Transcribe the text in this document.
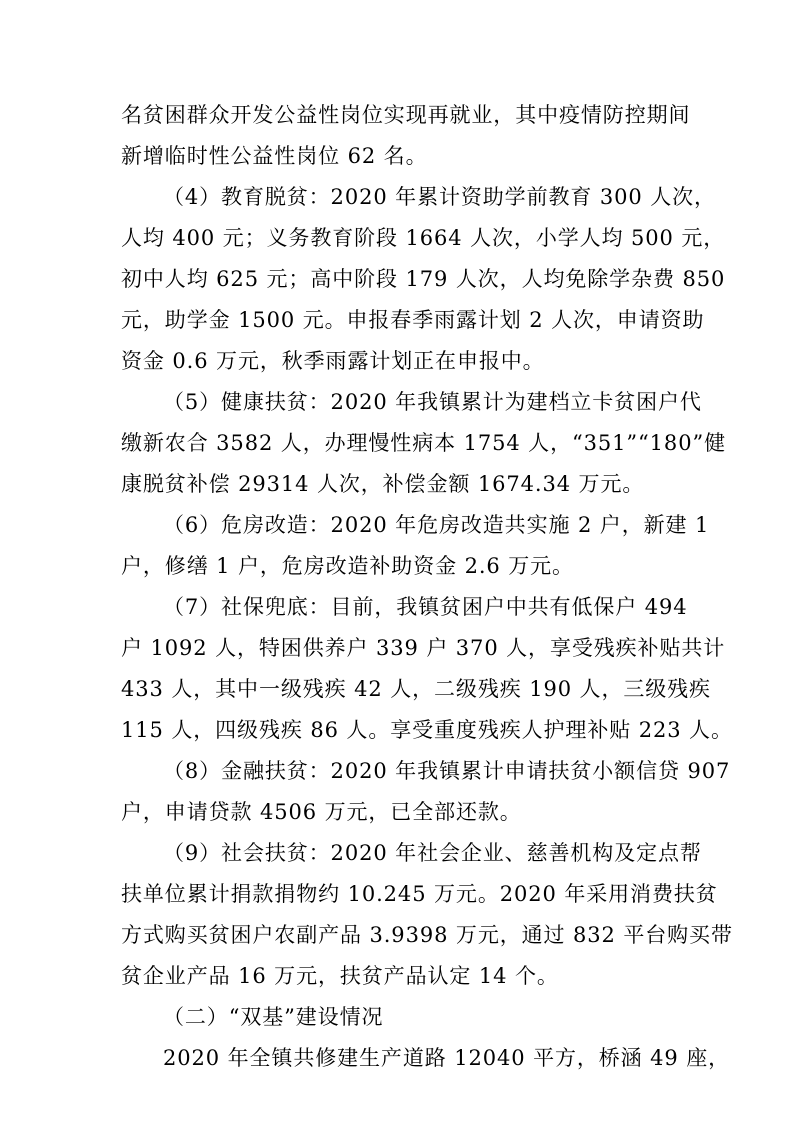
名贫困群众开发公益性岗位实现再就业，其中疫情防控期间
新增临时性公益性岗位 62 名。
（4）教育脱贫：2020 年累计资助学前教育 300 人次，
人均 400 元；义务教育阶段 1664 人次，小学人均 500 元，
初中人均 625 元；高中阶段 179 人次，人均免除学杂费 850
元，助学金 1500 元。申报春季雨露计划 2 人次，申请资助
资金 0.6 万元，秋季雨露计划正在申报中。
（5）健康扶贫：2020 年我镇累计为建档立卡贫困户代
缴新农合 3582 人，办理慢性病本 1754 人，“351”“180”健
康脱贫补偿 29314 人次，补偿金额 1674.34 万元。
（6）危房改造：2020 年危房改造共实施 2 户，新建 1
户，修缮 1 户，危房改造补助资金 2.6 万元。
（7）社保兜底：目前，我镇贫困户中共有低保户 494
户 1092 人，特困供养户 339 户 370 人，享受残疾补贴共计
433 人，其中一级残疾 42 人，二级残疾 190 人，三级残疾
115 人，四级残疾 86 人。享受重度残疾人护理补贴 223 人。
（8）金融扶贫：2020 年我镇累计申请扶贫小额信贷 907
户，申请贷款 4506 万元，已全部还款。
（9）社会扶贫：2020 年社会企业、慈善机构及定点帮
扶单位累计捐款捐物约 10.245 万元。2020 年采用消费扶贫
方式购买贫困户农副产品 3.9398 万元，通过 832 平台购买带
贫企业产品 16 万元，扶贫产品认定 14 个。
（二）“双基”建设情况
2020 年全镇共修建生产道路 12040 平方，桥涵 49 座，
